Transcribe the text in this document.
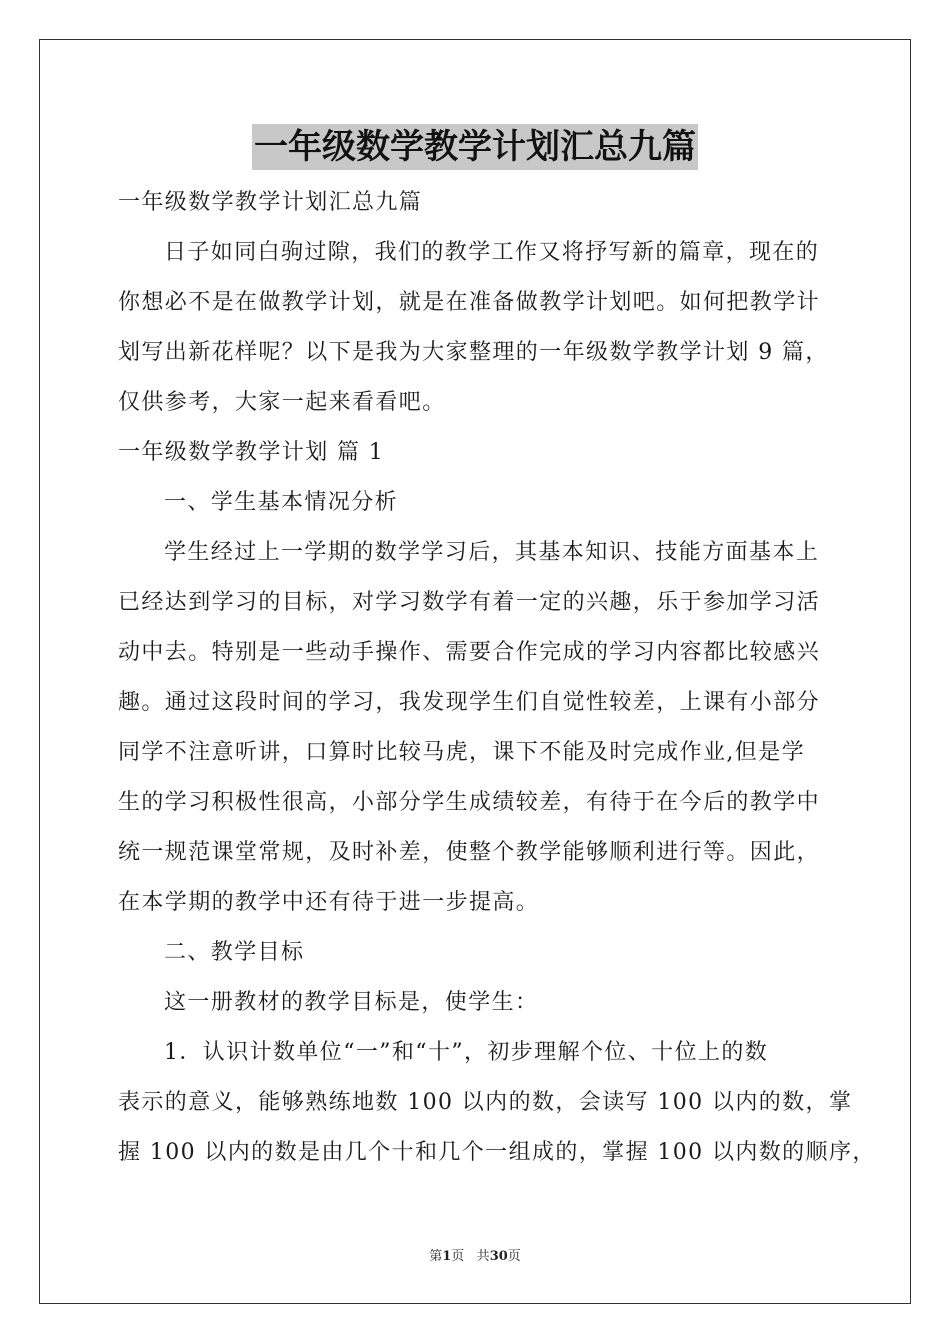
一年级数学教学计划汇总九篇
一年级数学教学计划汇总九篇
日子如同白驹过隙，我们的教学工作又将抒写新的篇章，现在的
你想必不是在做教学计划，就是在准备做教学计划吧。如何把教学计
划写出新花样呢？以下是我为大家整理的一年级数学教学计划 9 篇，
仅供参考，大家一起来看看吧。
一年级数学教学计划 篇 1
一、学生基本情况分析
学生经过上一学期的数学学习后，其基本知识、技能方面基本上
已经达到学习的目标，对学习数学有着一定的兴趣，乐于参加学习活
动中去。特别是一些动手操作、需要合作完成的学习内容都比较感兴
趣。通过这段时间的学习，我发现学生们自觉性较差，上课有小部分
同学不注意听讲，口算时比较马虎，课下不能及时完成作业,但是学
生的学习积极性很高，小部分学生成绩较差，有待于在今后的教学中
统一规范课堂常规，及时补差，使整个教学能够顺利进行等。因此，
在本学期的教学中还有待于进一步提高。
二、教学目标
这一册教材的教学目标是，使学生：
1．认识计数单位“一”和“十”，初步理解个位、十位上的数
表示的意义，能够熟练地数 100 以内的数，会读写 100 以内的数，掌
握 100 以内的数是由几个十和几个一组成的，掌握 100 以内数的顺序，
第1页 共30页
